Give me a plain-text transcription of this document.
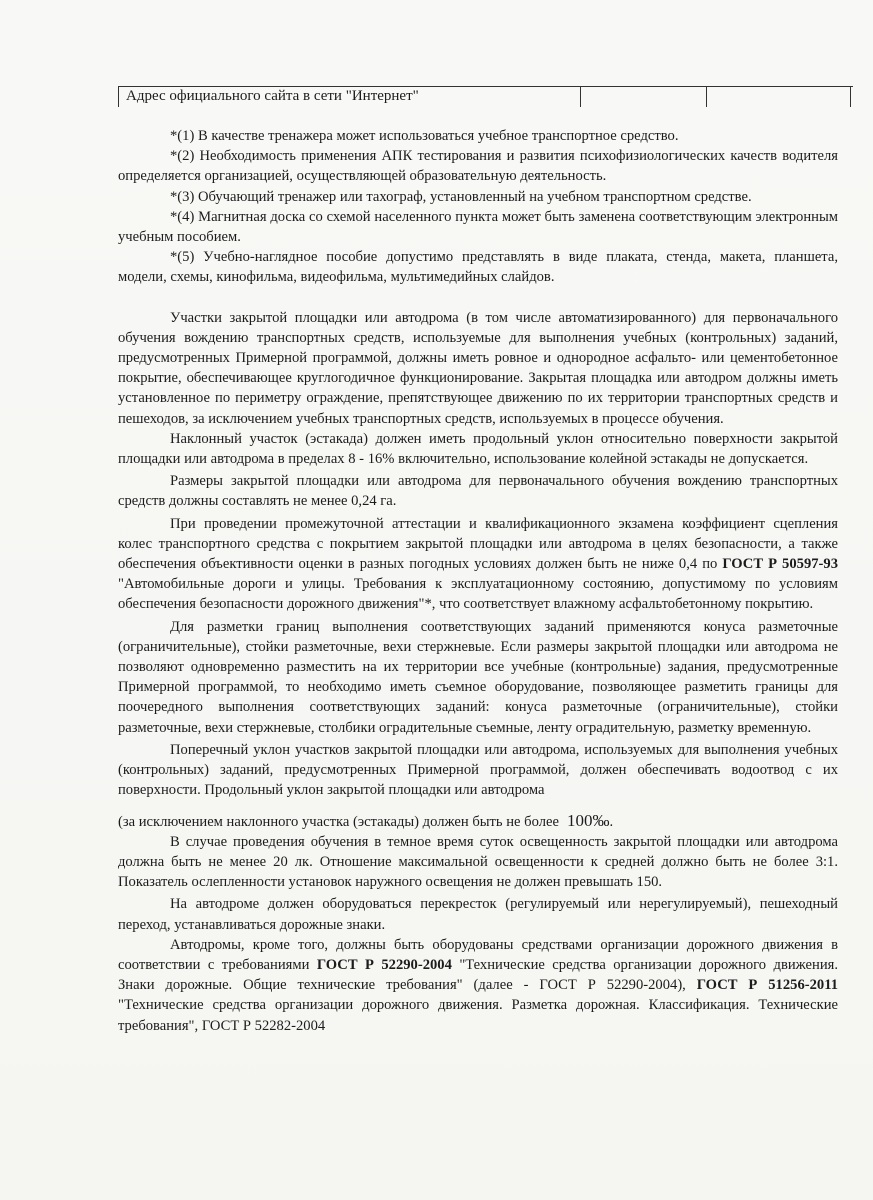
Адрес официального сайта в сети "Интернет"

*(1) В качестве тренажера может использоваться учебное транспортное средство.

*(2) Необходимость применения АПК тестирования и развития психофизиологических качеств водителя определяется организацией, осуществляющей образовательную деятельность.

*(3) Обучающий тренажер или тахограф, установленный на учебном транспортном средстве.

*(4) Магнитная доска со схемой населенного пункта может быть заменена соответствующим электронным учебным пособием.

*(5) Учебно-наглядное пособие допустимо представлять в виде плаката, стенда, макета, планшета, модели, схемы, кинофильма, видеофильма, мультимедийных слайдов.

Участки закрытой площадки или автодрома (в том числе автоматизированного) для первоначального обучения вождению транспортных средств, используемые для выполнения учебных (контрольных) заданий, предусмотренных Примерной программой, должны иметь ровное и однородное асфальто- или цементобетонное покрытие, обеспечивающее круглогодичное функционирование. Закрытая площадка или автодром должны иметь установленное по периметру ограждение, препятствующее движению по их территории транспортных средств и пешеходов, за исключением учебных транспортных средств, используемых в процессе обучения.

Наклонный участок (эстакада) должен иметь продольный уклон относительно поверхности закрытой площадки или автодрома в пределах 8 - 16% включительно, использование колейной эстакады не допускается.

Размеры закрытой площадки или автодрома для первоначального обучения вождению транспортных средств должны составлять не менее 0,24 га.

При проведении промежуточной аттестации и квалификационного экзамена коэффициент сцепления колес транспортного средства с покрытием закрытой площадки или автодрома в целях безопасности, а также обеспечения объективности оценки в разных погодных условиях должен быть не ниже 0,4 по ГОСТ Р 50597-93 "Автомобильные дороги и улицы. Требования к эксплуатационному состоянию, допустимому по условиям обеспечения безопасности дорожного движения"*, что соответствует влажному асфальтобетонному покрытию.

Для разметки границ выполнения соответствующих заданий применяются конуса разметочные (ограничительные), стойки разметочные, вехи стержневые. Если размеры закрытой площадки или автодрома не позволяют одновременно разместить на их территории все учебные (контрольные) задания, предусмотренные Примерной программой, то необходимо иметь съемное оборудование, позволяющее разметить границы для поочередного выполнения соответствующих заданий: конуса разметочные (ограничительные), стойки разметочные, вехи стержневые, столбики оградительные съемные, ленту оградительную, разметку временную.

Поперечный уклон участков закрытой площадки или автодрома, используемых для выполнения учебных (контрольных) заданий, предусмотренных Примерной программой, должен обеспечивать водоотвод с их поверхности. Продольный уклон закрытой площадки или автодрома

(за исключением наклонного участка (эстакады) должен быть не более 100‰.

В случае проведения обучения в темное время суток освещенность закрытой площадки или автодрома должна быть не менее 20 лк. Отношение максимальной освещенности к средней должно быть не более 3:1. Показатель ослепленности установок наружного освещения не должен превышать 150.

На автодроме должен оборудоваться перекресток (регулируемый или нерегулируемый), пешеходный переход, устанавливаться дорожные знаки.

Автодромы, кроме того, должны быть оборудованы средствами организации дорожного движения в соответствии с требованиями ГОСТ Р 52290-2004 "Технические средства организации дорожного движения. Знаки дорожные. Общие технические требования" (далее - ГОСТ Р 52290-2004), ГОСТ Р 51256-2011 "Технические средства организации дорожного движения. Разметка дорожная. Классификация. Технические требования", ГОСТ Р 52282-2004
